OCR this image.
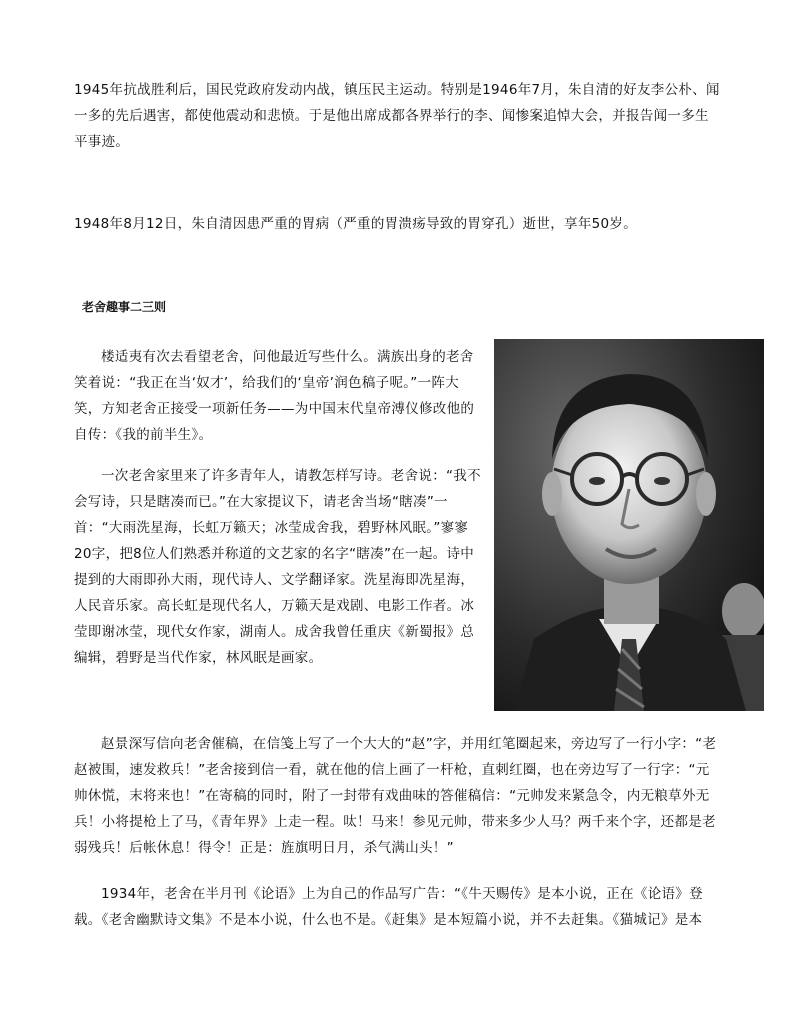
1945年抗战胜利后，国民党政府发动内战，镇压民主运动。特别是1946年7月，朱自清的好友李公朴、闻一多的先后遇害，都使他震动和悲愤。于是他出席成都各界举行的李、闻惨案追悼大会，并报告闻一多生平事迹。

1948年8月12日，朱自清因患严重的胃病（严重的胃溃疡导致的胃穿孔）逝世，享年50岁。

老舍趣事二三则

楼适夷有次去看望老舍，问他最近写些什么。满族出身的老舍笑着说：“我正在当‘奴才’，给我们的‘皇帝’润色稿子呢。”一阵大笑，方知老舍正接受一项新任务——为中国末代皇帝溥仪修改他的自传：《我的前半生》。

一次老舍家里来了许多青年人，请教怎样写诗。老舍说：“我不会写诗，只是瞎凑而已。”在大家提议下，请老舍当场“瞎凑”一首：“大雨洗星海，长虹万籁天；冰莹成舍我，碧野林风眠。”寥寥20字，把8位人们熟悉并称道的文艺家的名字“瞎凑”在一起。诗中提到的大雨即孙大雨，现代诗人、文学翻译家。洗星海即冼星海，人民音乐家。高长虹是现代名人，万籁天是戏剧、电影工作者。冰莹即谢冰莹，现代女作家，湖南人。成舍我曾任重庆《新蜀报》总编辑，碧野是当代作家，林风眠是画家。

赵景深写信向老舍催稿，在信笺上写了一个大大的“赵”字，并用红笔圈起来，旁边写了一行小字：“老赵被围，速发救兵！”老舍接到信一看，就在他的信上画了一杆枪，直刺红圈，也在旁边写了一行字：“元帅休慌，末将来也！”在寄稿的同时，附了一封带有戏曲味的答催稿信：“元帅发来紧急令，内无粮草外无兵！小将提枪上了马，《青年界》上走一程。呔！马来！参见元帅，带来多少人马？两千来个字，还都是老弱残兵！后帐休息！得令！正是：旌旗明日月，杀气满山头！”

1934年，老舍在半月刊《论语》上为自己的作品写广告：“《牛天赐传》是本小说，正在《论语》登载。《老舍幽默诗文集》不是本小说，什么也不是。《赶集》是本短篇小说，并不去赶集。《猫城记》是本
